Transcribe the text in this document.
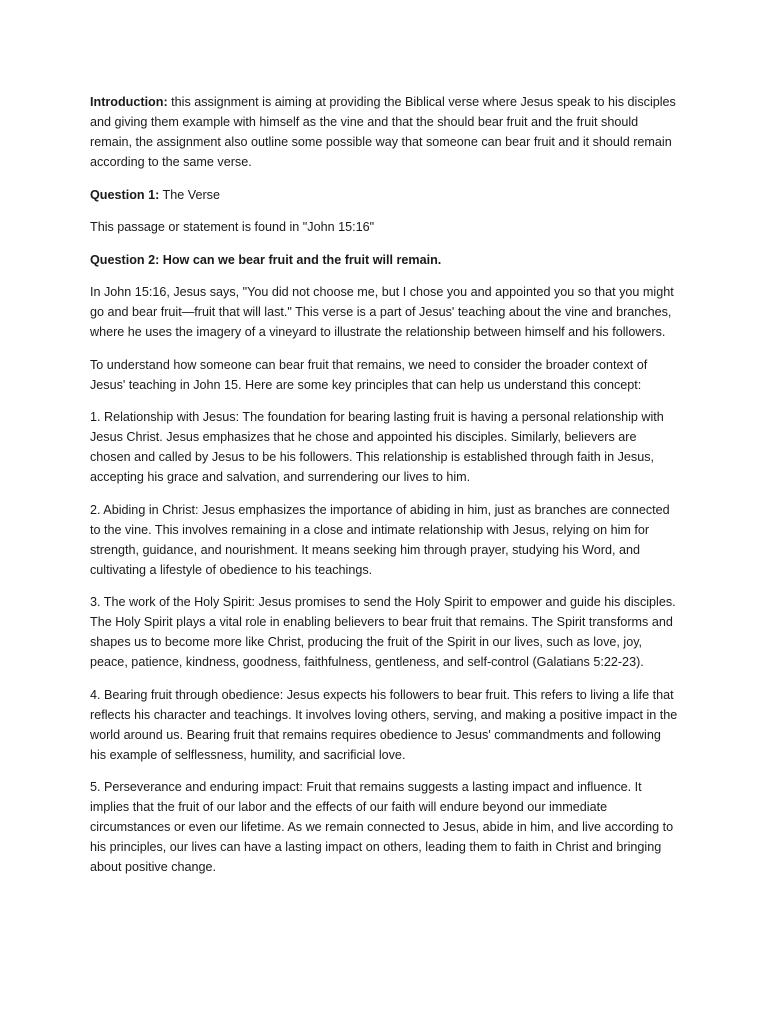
Introduction: this assignment is aiming at providing the Biblical verse where Jesus speak to his disciples and giving them example with himself as the vine and that the should bear fruit and the fruit should remain, the assignment also outline some possible way that someone can bear fruit and it should remain according to the same verse.

Question 1: The Verse

This passage or statement is found in "John 15:16"

Question 2: How can we bear fruit and the fruit will remain.

In John 15:16, Jesus says, "You did not choose me, but I chose you and appointed you so that you might go and bear fruit—fruit that will last." This verse is a part of Jesus' teaching about the vine and branches, where he uses the imagery of a vineyard to illustrate the relationship between himself and his followers.

To understand how someone can bear fruit that remains, we need to consider the broader context of Jesus' teaching in John 15. Here are some key principles that can help us understand this concept:

1. Relationship with Jesus: The foundation for bearing lasting fruit is having a personal relationship with Jesus Christ. Jesus emphasizes that he chose and appointed his disciples. Similarly, believers are chosen and called by Jesus to be his followers. This relationship is established through faith in Jesus, accepting his grace and salvation, and surrendering our lives to him.

2. Abiding in Christ: Jesus emphasizes the importance of abiding in him, just as branches are connected to the vine. This involves remaining in a close and intimate relationship with Jesus, relying on him for strength, guidance, and nourishment. It means seeking him through prayer, studying his Word, and cultivating a lifestyle of obedience to his teachings.

3. The work of the Holy Spirit: Jesus promises to send the Holy Spirit to empower and guide his disciples. The Holy Spirit plays a vital role in enabling believers to bear fruit that remains. The Spirit transforms and shapes us to become more like Christ, producing the fruit of the Spirit in our lives, such as love, joy, peace, patience, kindness, goodness, faithfulness, gentleness, and self-control (Galatians 5:22-23).

4. Bearing fruit through obedience: Jesus expects his followers to bear fruit. This refers to living a life that reflects his character and teachings. It involves loving others, serving, and making a positive impact in the world around us. Bearing fruit that remains requires obedience to Jesus' commandments and following his example of selflessness, humility, and sacrificial love.

5. Perseverance and enduring impact: Fruit that remains suggests a lasting impact and influence. It implies that the fruit of our labor and the effects of our faith will endure beyond our immediate circumstances or even our lifetime. As we remain connected to Jesus, abide in him, and live according to his principles, our lives can have a lasting impact on others, leading them to faith in Christ and bringing about positive change.
